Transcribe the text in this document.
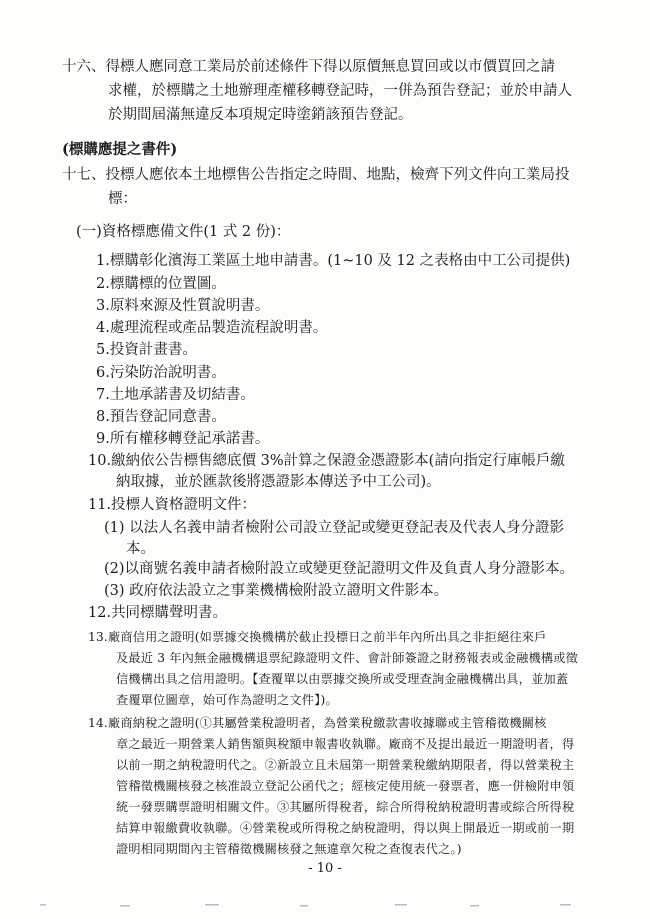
十六、得標人應同意工業局於前述條件下得以原價無息買回或以市價買回之請
求權，於標購之土地辦理產權移轉登記時，一併為預告登記；並於申請人
於期間屆滿無違反本項規定時塗銷該預告登記。
(標購應提之書件)
十七、投標人應依本土地標售公告指定之時間、地點，檢齊下列文件向工業局投
標：
(一)資格標應備文件(1 式 2 份)：
1.標購彰化濱海工業區土地申請書。(1~10 及 12 之表格由中工公司提供)
2.標購標的位置圖。
3.原料來源及性質說明書。
4.處理流程或產品製造流程說明書。
5.投資計畫書。
6.污染防治說明書。
7.土地承諾書及切結書。
8.預告登記同意書。
9.所有權移轉登記承諾書。
10.繳納依公告標售總底價 3%計算之保證金憑證影本(請向指定行庫帳戶繳
納取據，並於匯款後將憑證影本傳送予中工公司)。
11.投標人資格證明文件：
(1) 以法人名義申請者檢附公司設立登記或變更登記表及代表人身分證影
本。
(2)以商號名義申請者檢附設立或變更登記證明文件及負責人身分證影本。
(3) 政府依法設立之事業機構檢附設立證明文件影本。
12.共同標購聲明書。
13.廠商信用之證明(如票據交換機構於截止投標日之前半年內所出具之非拒絕往來戶
及最近 3 年內無金融機構退票紀錄證明文件、會計師簽證之財務報表或金融機構或徵
信機構出具之信用證明。【查覆單以由票據交換所或受理查詢金融機構出具，並加蓋
查覆單位圖章，始可作為證明之文件】)。
14.廠商納稅之證明(①其屬營業稅證明者，為營業稅繳款書收據聯或主管稽徵機關核
章之最近一期營業人銷售額與稅額申報書收執聯。廠商不及提出最近一期證明者，得
以前一期之納稅證明代之。②新設立且未屆第一期營業稅繳納期限者，得以營業稅主
管稽徵機關核發之核准設立登記公函代之；經核定使用統一發票者，應一併檢附申領
統一發票購票證明相關文件。③其屬所得稅者，綜合所得稅納稅證明書或綜合所得稅
結算申報繳費收執聯。④營業稅或所得稅之納稅證明，得以與上開最近一期或前一期
證明相同期間內主管稽徵機關核發之無違章欠稅之查復表代之。)
- 10 -
